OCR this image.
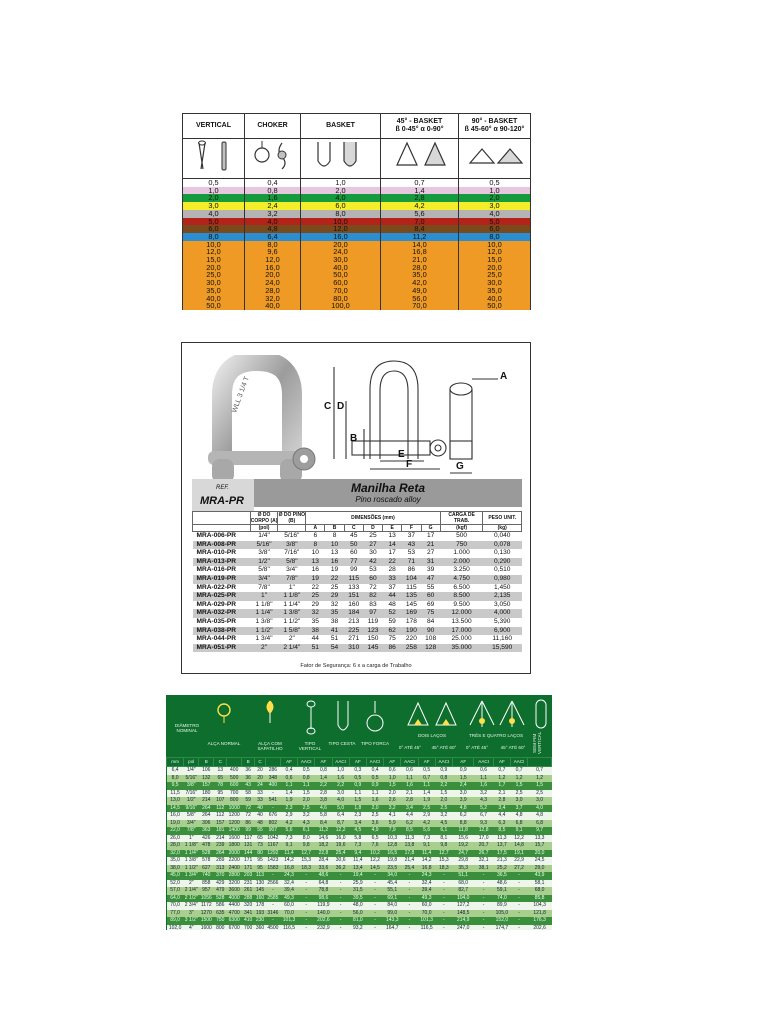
VERTICAL	CHOKER	BASKET	45° - BASKET
ß 0-45° α 0-90°	90° - BASKET
ß 45-60° α 90-120°

0,5	0,4	1,0	0,7	0,5
1,0	0,8	2,0	1,4	1,0
2,0	1,6	4,0	2,8	2,0
3,0	2,4	6,0	4,2	3,0
4,0	3,2	8,0	5,6	4,0
5,0	4,0	10,0	7,0	5,0
6,0	4,8	12,0	8,4	6,0
8,0	6,4	16,0	11,2	8,0
10,0	8,0	20,0	14,0	10,0
12,0	9,6	24,0	16,8	12,0
15,0	12,0	30,0	21,0	15,0
20,0	16,0	40,0	28,0	20,0
25,0	20,0	50,0	35,0	25,0
30,0	24,0	60,0	42,0	30,0
35,0	28,0	70,0	49,0	35,0
40,0	32,0	80,0	56,0	40,0
50,0	40,0	100,0	70,0	50,0
WLL 3 1/4 T	C D
B
E
F	G
A
REF.
MRA-PR
Manilha Reta
Pino roscado alloy
	Ø DO CORPO (A)	Ø DO PINO (B)	DIMENSÕES (mm)							CARGA DE TRAB.	PESO UNIT.
	(pol)		A	B	C	D	E	F	G	(kgf)	(kg)
MRA-006-PR	1/4"	5/16"	6	8	45	25	13	37	17	500	0,040
MRA-008-PR	5/16"	3/8"	8	10	50	27	14	43	21	750	0,078
MRA-010-PR	3/8"	7/16"	10	13	60	30	17	53	27	1.000	0,130
MRA-013-PR	1/2"	5/8"	13	16	77	42	22	71	31	2.000	0,290
MRA-016-PR	5/8"	3/4"	16	19	99	53	28	86	39	3.250	0,510
MRA-019-PR	3/4"	7/8"	19	22	115	60	33	104	47	4.750	0,980
MRA-022-PR	7/8"	1"	22	25	133	72	37	115	55	6.500	1,450
MRA-025-PR	1"	1 1/8"	25	29	151	82	44	135	60	8.500	2,135
MRA-029-PR	1 1/8"	1 1/4"	29	32	160	83	48	145	69	9.500	3,050
MRA-032-PR	1 1/4"	1 3/8"	32	35	184	97	52	169	75	12.000	4,000
MRA-035-PR	1 3/8"	1 1/2"	35	38	213	119	59	178	84	13.500	5,390
MRA-038-PR	1 1/2"	1 5/8"	38	41	225	123	62	190	90	17.000	6,900
MRA-044-PR	1 3/4"	2"	44	51	271	150	75	220	108	25.000	11,160
MRA-051-PR	2"	2 1/4"	51	54	310	145	86	258	128	35.000	15,590
Fator de Segurança: 6 x a carga de Trabalho
DIÂMETRO NOMINAL
ALÇA NORMAL	ALÇA COM SAPATILHO
TIPO VERTICAL
TIPO CESTA	TIPO FORCA
DOIS LAÇOS
0° ATÉ 45°	45° ATÉ 60°
TRÊS E QUATRO LAÇOS
0° ATÉ 45°	45° ATÉ 60°	SEM FIM VERTICAL
mm	pol	B	C		B	C		AF	AACI	AF	AACI	AF	AACI	AF	AACI	AF	AACI	AF	AACI	AF	AACI	
6,4	1/4"	106	13	400	36	20	286	0,4	0,5	0,8	1,0	0,3	0,4	0,6	0,6	0,5	0,9	0,9	0,6	0,7	0,7	0,7
8,0	5/16"	132	65	500	36	20	348	0,6	0,8	1,4	1,6	0,5	0,5	1,0	1,1	0,7	0,8	1,5	1,1	1,2	1,2	1,2
9,5	3/8"	157	78	600	43	24	400	1,1	1,1	2,2	2,2	0,9	0,9	1,5	1,6	1,1	2,2	2,4	1,6	1,7	1,5	1,5
11,5	7/16"	180	95	700	58	33	-	1,4	1,5	2,8	3,0	1,1	1,1	2,0	2,1	1,4	1,5	3,0	3,2	2,1	2,5	2,5
13,0	1/2"	214	107	800	59	33	541	1,9	2,0	3,8	4,0	1,5	1,6	2,6	2,8	1,9	2,0	3,9	4,3	2,8	3,0	3,0
14,5	9/16"	264	112	1000	72	40	-	2,3	2,5	4,6	5,0	1,8	2,0	3,2	3,4	2,5	2,5	4,8	5,2	3,4	3,7	4,0
16,0	5/8"	264	112	1200	72	40	676	2,9	3,2	5,8	6,4	2,3	2,5	4,1	4,4	2,9	3,2	6,2	6,7	4,4	4,8	4,8
19,0	3/4"	306	157	1200	86	48	802	4,2	4,3	8,4	8,7	3,4	3,6	5,9	6,2	4,2	4,5	8,8	9,3	6,3	6,8	6,8
22,0	7/8"	363	181	1400	99	55	907	5,6	6,1	11,2	12,2	4,5	4,9	7,9	8,5	5,6	6,1	11,8	12,8	8,5	9,1	9,7
26,0	1"	426	214	1600	117	65	1042	7,3	8,0	14,6	16,0	5,8	6,5	10,3	11,3	7,3	8,1	15,6	17,0	11,3	12,2	13,3
28,0	1 1/8"	478	239	1800	131	73	1167	9,1	9,8	18,2	19,6	7,3	7,6	12,8	13,8	9,1	9,8	19,2	20,7	13,7	14,8	15,7
32,0	1 1/4"	528	264	2000	144	80	1292	11,4	12,7	22,8	25,4	9,4	10,2	16,5	17,8	11,4	12,7	24,7	26,7	17,5	19,1	20,0
35,0	1 3/8"	578	289	2200	171	95	1423	14,2	15,3	28,4	30,6	11,4	12,2	19,8	21,4	14,2	15,3	29,8	32,1	21,3	22,9	24,5
38,0	1 1/2"	627	313	2400	171	95	1583	16,8	18,3	33,6	36,2	13,4	14,5	23,5	25,4	16,8	18,3	35,3	38,1	25,2	27,2	29,0
45,0	1 3/4"	740	370	2800	203	113	-	24,3	-	48,6	-	19,4	-	34,0	-	24,3	-	51,1	-	36,5	-	43,9
52,0	2"	858	429	3200	231	130	2566	32,4	-	64,8	-	25,9	-	45,4	-	32,4	-	68,0	-	48,6	-	58,1
57,0	2 1/4"	957	479	3600	261	145	-	39,4	-	78,8	-	31,5	-	55,1	-	39,4	-	82,7	-	59,1	-	68,0
64,0	2 1/2"	1056	528	4000	288	160	2585	49,3	-	98,6	-	39,5	-	69,1	-	49,3	-	104,0	-	74,0	-	85,8
70,0	2 3/4"	1172	586	4400	320	178	-	60,0	-	119,9	-	48,0	-	84,0	-	60,0	-	127,2	-	89,9	-	104,3
77,0	3"	1270	635	4700	341	193	3146	70,0	-	140,0	-	56,0	-	99,0	-	70,0	-	148,5	-	105,0	-	121,8
89,0	3 1/2"	1500	750	6300	410	230	-	101,3	-	202,6	-	81,0	-	143,3	-	101,3	-	214,9	-	152,0	-	176,3
102,0	4"	1600	800	6700	700	360	4500	116,5	-	232,9	-	93,2	-	164,7	-	116,5	-	247,0	-	174,7	-	202,6
